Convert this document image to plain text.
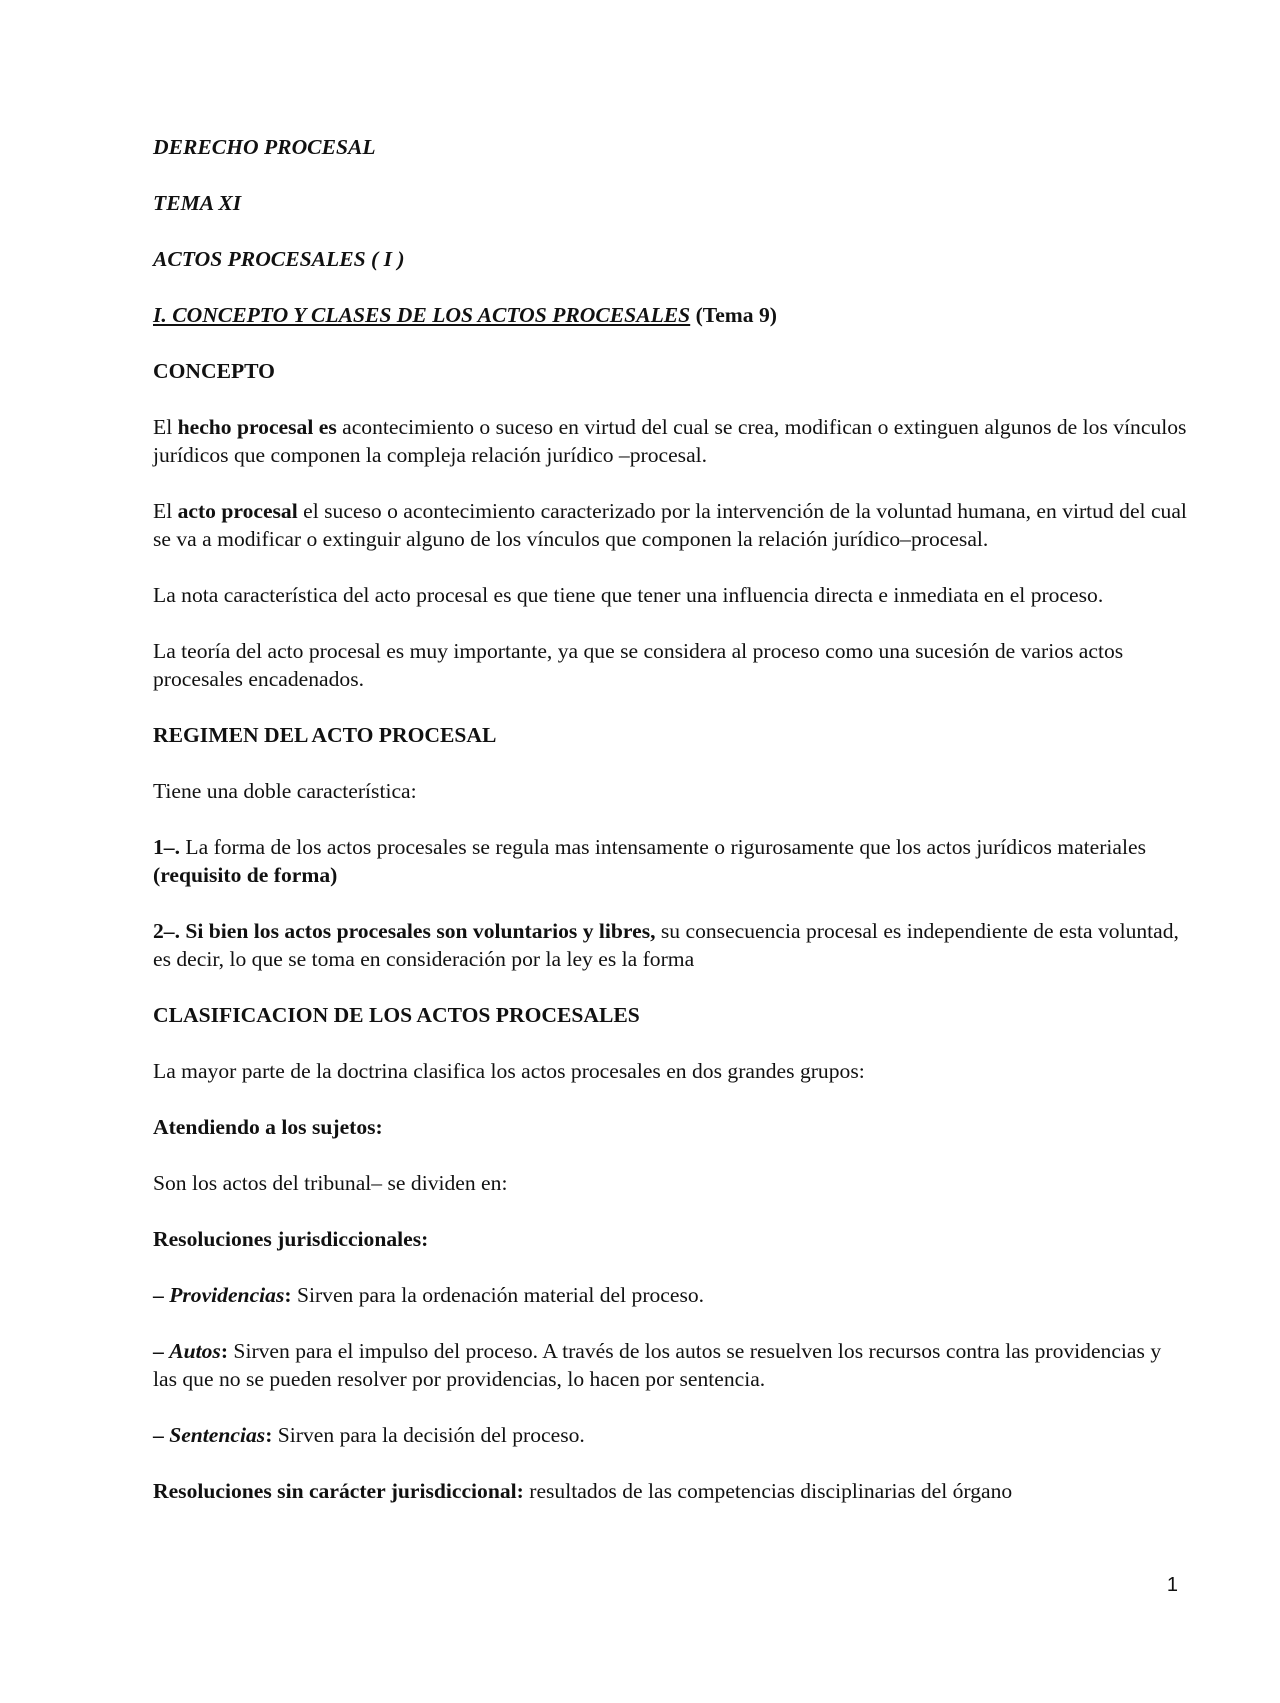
DERECHO PROCESAL

TEMA XI

ACTOS PROCESALES ( I )

I. CONCEPTO Y CLASES DE LOS ACTOS PROCESALES (Tema 9)

CONCEPTO

El hecho procesal es acontecimiento o suceso en virtud del cual se crea, modifican o extinguen algunos de los vínculos jurídicos que componen la compleja relación jurídico –procesal.

El acto procesal el suceso o acontecimiento caracterizado por la intervención de la voluntad humana, en virtud del cual se va a modificar o extinguir alguno de los vínculos que componen la relación jurídico–procesal.

La nota característica del acto procesal es que tiene que tener una influencia directa e inmediata en el proceso.

La teoría del acto procesal es muy importante, ya que se considera al proceso como una sucesión de varios actos procesales encadenados.

REGIMEN DEL ACTO PROCESAL

Tiene una doble característica:

1–. La forma de los actos procesales se regula mas intensamente o rigurosamente que los actos jurídicos materiales (requisito de forma)

2–. Si bien los actos procesales son voluntarios y libres, su consecuencia procesal es independiente de esta voluntad, es decir, lo que se toma en consideración por la ley es la forma

CLASIFICACION DE LOS ACTOS PROCESALES

La mayor parte de la doctrina clasifica los actos procesales en dos grandes grupos:

Atendiendo a los sujetos:

Son los actos del tribunal– se dividen en:

Resoluciones jurisdiccionales:

– Providencias: Sirven para la ordenación material del proceso.

– Autos: Sirven para el impulso del proceso. A través de los autos se resuelven los recursos contra las providencias y las que no se pueden resolver por providencias, lo hacen por sentencia.

– Sentencias: Sirven para la decisión del proceso.

Resoluciones sin carácter jurisdiccional: resultados de las competencias disciplinarias del órgano

1
